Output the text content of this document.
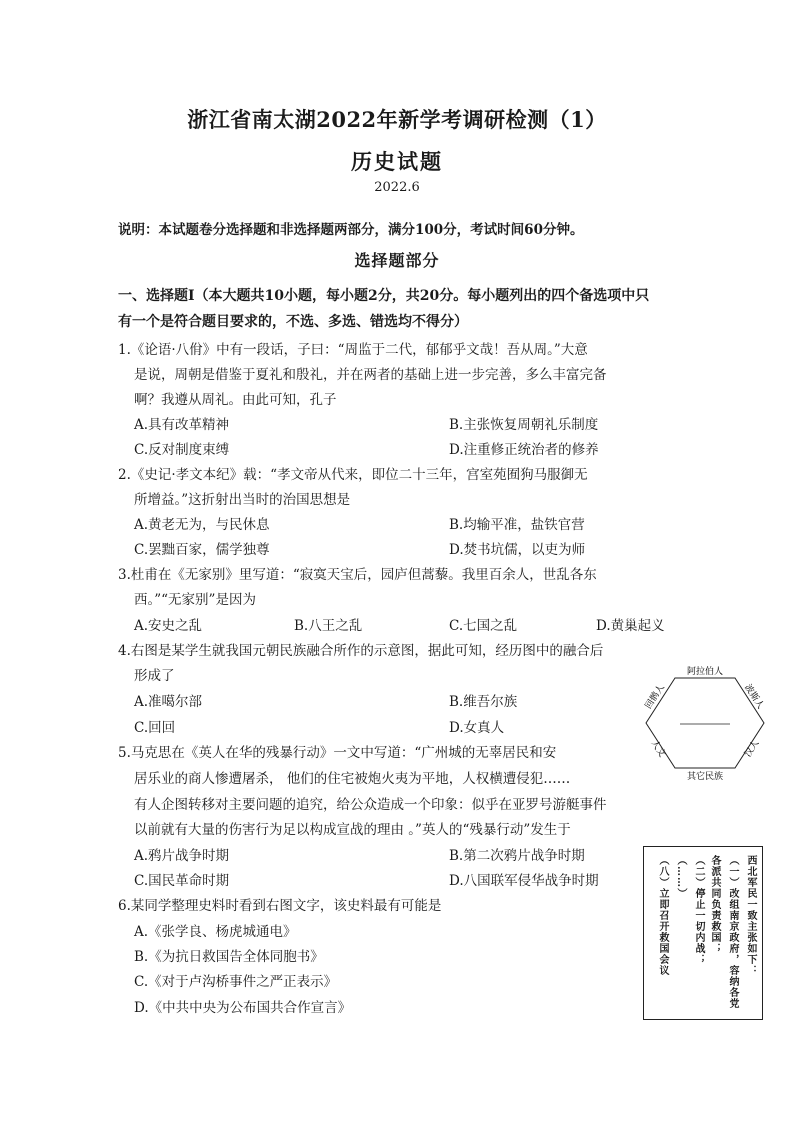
浙江省南太湖2022年新学考调研检测（1）
历史试题
2022.6
说明：本试题卷分选择题和非选择题两部分，满分100分，考试时间60分钟。
选择题部分
一、选择题Ⅰ（本大题共10小题，每小题2分，共20分。每小题列出的四个备选项中只
有一个是符合题目要求的，不选、多选、错选均不得分）
1.《论语·八佾》中有一段话，子曰：“周监于二代，郁郁乎文哉！吾从周。”大意
是说，周朝是借鉴于夏礼和殷礼，并在两者的基础上进一步完善，多么丰富完备
啊？我遵从周礼。由此可知，孔子
A.具有改革精神	B.主张恢复周朝礼乐制度
C.反对制度束缚	D.注重修正统治者的修养
2.《史记·孝文本纪》载：“孝文帝从代来，即位二十三年，宫室苑囿狗马服御无
所增益。”这折射出当时的治国思想是
A.黄老无为，与民休息	B.均输平准，盐铁官营
C.罢黜百家，儒学独尊	D.焚书坑儒，以吏为师
3.杜甫在《无家别》里写道：“寂寞天宝后，园庐但蒿藜。我里百余人，世乱各东
西。”“无家别”是因为
A.安史之乱	B.八王之乱	C.七国之乱	D.黄巢起义
4.右图是某学生就我国元朝民族融合所作的示意图，据此可知，经历图中的融合后
形成了
A.准噶尔部	B.维吾尔族
C.回回	D.女真人
阿拉伯人
波斯人
汉人
其它民族
人文
回鹘人
5.马克思在《英人在华的残暴行动》一文中写道：“广州城的无辜居民和安
居乐业的商人惨遭屠杀， 他们的住宅被炮火夷为平地，人权横遭侵犯……
有人企图转移对主要问题的追究，给公众造成一个印象：似乎在亚罗号游艇事件
以前就有大量的伤害行为足以构成宣战的理由 。”英人的“残暴行动”发生于
A.鸦片战争时期	B.第二次鸦片战争时期
C.国民革命时期	D.八国联军侵华战争时期
6.某同学整理史料时看到右图文字，该史料最有可能是
A.《张学良、杨虎城通电》
B.《为抗日救国告全体同胞书》
C.《对于卢沟桥事件之严正表示》
D.《中共中央为公布国共合作宣言》
西北军民一致主张如下：
（一）改组南京政府，容纳各党
各派共同负责救国；
（二）停止一切内战；
（……）
（八）立即召开救国会议
